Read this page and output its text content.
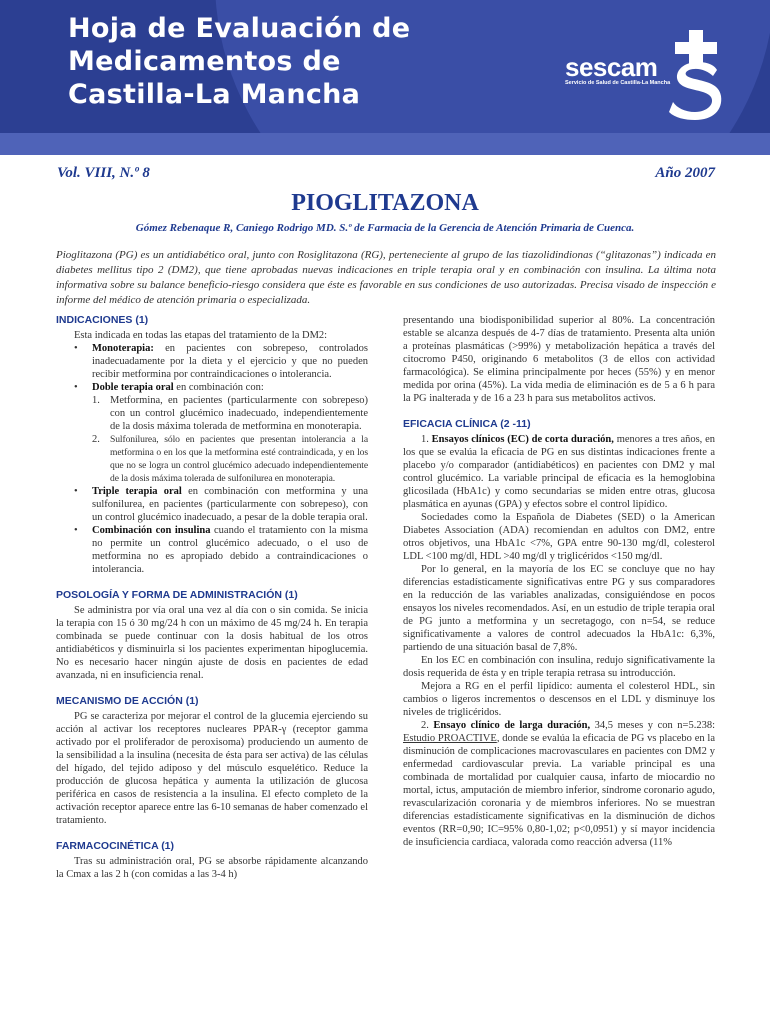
Hoja de Evaluación de
Medicamentos de
Castilla-La Mancha
sescam
Servicio de Salud de Castilla-La Mancha
Vol. VIII, N.º 8	Año 2007
PIOGLITAZONA
Gómez Rebenaque R, Caniego Rodrigo MD. S.º de Farmacia de la Gerencia de Atención Primaria de Cuenca.
Pioglitazona (PG) es un antidiabético oral, junto con Rosiglitazona (RG), perteneciente al grupo de las tiazolidindionas (“glitazonas”) indicada en diabetes mellitus tipo 2 (DM2), que tiene aprobadas nuevas indicaciones en triple terapia oral y en combinación con insulina. La última nota informativa sobre su balance beneficio-riesgo considera que éste es favorable en sus condiciones de uso autorizadas. Precisa visado de inspección e informe del médico de atención primaria o especializada.
INDICACIONES (1)
Esta indicada en todas las etapas del tratamiento de la DM2:
• Monoterapia: en pacientes con sobrepeso, controlados inadecuadamente por la dieta y el ejercicio y que no pueden recibir metformina por contraindicaciones o intolerancia.
• Doble terapia oral en combinación con:
1. Metformina, en pacientes (particularmente con sobrepeso) con un control glucémico inadecuado, independientemente de la dosis máxima tolerada de metformina en monoterapia.
2. Sulfonilurea, sólo en pacientes que presentan intolerancia a la metformina o en los que la metformina esté contraindicada, y en los que no se logra un control glucémico adecuado independientemente de la dosis máxima tolerada de sulfonilurea en monoterapia.
• Triple terapia oral en combinación con metformina y una sulfonilurea, en pacientes (particularmente con sobrepeso), con un control glucémico inadecuado, a pesar de la doble terapia oral.
• Combinación con insulina cuando el tratamiento con la misma no permite un control glucémico adecuado, o el uso de metformina no es apropiado debido a contraindicaciones o intolerancia.
POSOLOGÍA Y FORMA DE ADMINISTRACIÓN (1)
Se administra por vía oral una vez al día con o sin comida. Se inicia la terapia con 15 ó 30 mg/24 h con un máximo de 45 mg/24 h. En terapia combinada se puede continuar con la dosis habitual de los otros antidiabéticos y disminuirla si los pacientes experimentan hipoglucemia. No es necesario hacer ningún ajuste de dosis en pacientes de edad avanzada, ni en insuficiencia renal.
MECANISMO DE ACCIÓN (1)
PG se caracteriza por mejorar el control de la glucemia ejerciendo su acción al activar los receptores nucleares PPAR-γ (receptor gamma activado por el proliferador de peroxisoma) produciendo un aumento de la sensibilidad a la insulina (necesita de ésta para ser activa) de las células del hígado, del tejido adiposo y del músculo esquelético. Reduce la producción de glucosa hepática y aumenta la utilización de glucosa periférica en casos de resistencia a la insulina. El efecto completo de la activación receptor aparece entre las 6-10 semanas de haber comenzado el tratamiento.
FARMACOCINÉTICA (1)
Tras su administración oral, PG se absorbe rápidamente alcanzando la Cmax a las 2 h (con comidas a las 3-4 h)
presentando una biodisponibilidad superior al 80%. La concentración estable se alcanza después de 4-7 días de tratamiento. Presenta alta unión a proteínas plasmáticas (>99%) y metabolización hepática a través del citocromo P450, originando 6 metabolitos (3 de ellos con actividad farmacológica). Se elimina principalmente por heces (55%) y en menor medida por orina (45%). La vida media de eliminación es de 5 a 6 h para la PG inalterada y de 16 a 23 h para sus metabolitos activos.
EFICACIA CLÍNICA (2 -11)
1. Ensayos clínicos (EC) de corta duración, menores a tres años, en los que se evalúa la eficacia de PG en sus distintas indicaciones frente a placebo y/o comparador (antidiabéticos) en pacientes con DM2 y mal control glucémico. La variable principal de eficacia es la hemoglobina glicosilada (HbA1c) y como secundarias se miden entre otras, glucosa plasmática en ayunas (GPA) y efectos sobre el control lipídico.
Sociedades como la Española de Diabetes (SED) o la American Diabetes Association (ADA) recomiendan en adultos con DM2, entre otros objetivos, una HbA1c <7%, GPA entre 90-130 mg/dl, colesterol LDL <100 mg/dl, HDL >40 mg/dl y triglicéridos <150 mg/dl.
Por lo general, en la mayoría de los EC se concluye que no hay diferencias estadísticamente significativas entre PG y sus comparadores en la reducción de las variables analizadas, consiguiéndose en pocos ensayos los niveles recomendados. Así, en un estudio de triple terapia oral de PG junto a metformina y un secretagogo, con n=54, se reduce significativamente a valores de control adecuados la HbA1c: 6,3%, partiendo de una situación basal de 7,8%.
En los EC en combinación con insulina, redujo significativamente la dosis requerida de ésta y en triple terapia retrasa su introducción.
Mejora a RG en el perfil lipídico: aumenta el colesterol HDL, sin cambios o ligeros incrementos o descensos en el LDL y disminuye los niveles de triglicéridos.
2. Ensayo clínico de larga duración, 34,5 meses y con n=5.238: Estudio PROACTIVE, donde se evalúa la eficacia de PG vs placebo en la disminución de complicaciones macrovasculares en pacientes con DM2 y enfermedad cardiovascular previa. La variable principal es una combinada de mortalidad por cualquier causa, infarto de miocardio no mortal, ictus, amputación de miembro inferior, síndrome coronario agudo, revascularización coronaria y de miembros inferiores. No se muestran diferencias estadísticamente significativas en la disminución de dichos eventos (RR=0,90; IC=95% 0,80-1,02; p<0,0951) y sí mayor incidencia de insuficiencia cardiaca, valorada como reacción adversa (11%
